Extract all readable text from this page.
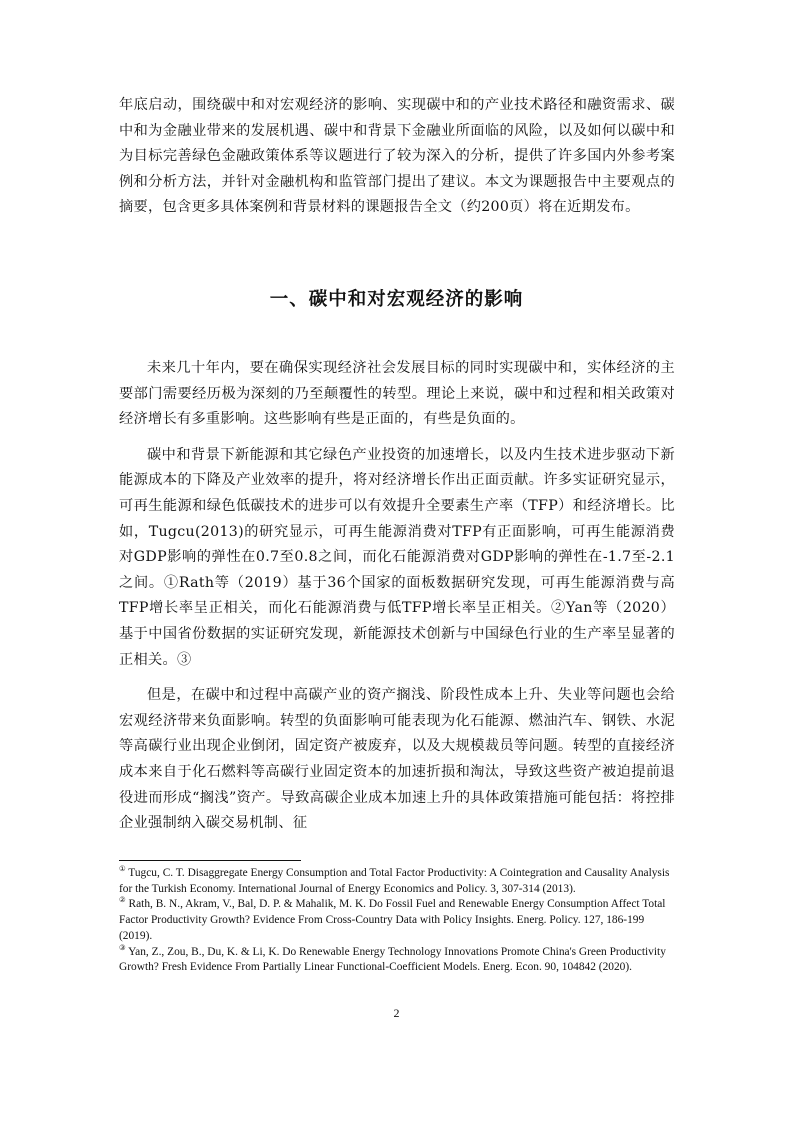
年底启动，围绕碳中和对宏观经济的影响、实现碳中和的产业技术路径和融资需求、碳中和为金融业带来的发展机遇、碳中和背景下金融业所面临的风险，以及如何以碳中和为目标完善绿色金融政策体系等议题进行了较为深入的分析，提供了许多国内外参考案例和分析方法，并针对金融机构和监管部门提出了建议。本文为课题报告中主要观点的摘要，包含更多具体案例和背景材料的课题报告全文（约200页）将在近期发布。

一、碳中和对宏观经济的影响

未来几十年内，要在确保实现经济社会发展目标的同时实现碳中和，实体经济的主要部门需要经历极为深刻的乃至颠覆性的转型。理论上来说，碳中和过程和相关政策对经济增长有多重影响。这些影响有些是正面的，有些是负面的。

碳中和背景下新能源和其它绿色产业投资的加速增长，以及内生技术进步驱动下新能源成本的下降及产业效率的提升，将对经济增长作出正面贡献。许多实证研究显示，可再生能源和绿色低碳技术的进步可以有效提升全要素生产率（TFP）和经济增长。比如，Tugcu(2013)的研究显示，可再生能源消费对TFP有正面影响，可再生能源消费对GDP影响的弹性在0.7至0.8之间，而化石能源消费对GDP影响的弹性在-1.7至-2.1之间。①Rath等（2019）基于36个国家的面板数据研究发现，可再生能源消费与高TFP增长率呈正相关，而化石能源消费与低TFP增长率呈正相关。②Yan等（2020）基于中国省份数据的实证研究发现，新能源技术创新与中国绿色行业的生产率呈显著的正相关。③

但是，在碳中和过程中高碳产业的资产搁浅、阶段性成本上升、失业等问题也会给宏观经济带来负面影响。转型的负面影响可能表现为化石能源、燃油汽车、钢铁、水泥等高碳行业出现企业倒闭，固定资产被废弃，以及大规模裁员等问题。转型的直接经济成本来自于化石燃料等高碳行业固定资本的加速折损和淘汰，导致这些资产被迫提前退役进而形成“搁浅”资产。导致高碳企业成本加速上升的具体政策措施可能包括：将控排企业强制纳入碳交易机制、征

① Tugcu, C. T. Disaggregate Energy Consumption and Total Factor Productivity: A Cointegration and Causality Analysis for the Turkish Economy. International Journal of Energy Economics and Policy. 3, 307-314 (2013).

② Rath, B. N., Akram, V., Bal, D. P. & Mahalik, M. K. Do Fossil Fuel and Renewable Energy Consumption Affect Total Factor Productivity Growth? Evidence From Cross-Country Data with Policy Insights. Energ. Policy. 127, 186-199 (2019).

③ Yan, Z., Zou, B., Du, K. & Li, K. Do Renewable Energy Technology Innovations Promote China's Green Productivity Growth? Fresh Evidence From Partially Linear Functional-Coefficient Models. Energ. Econ. 90, 104842 (2020).

2
